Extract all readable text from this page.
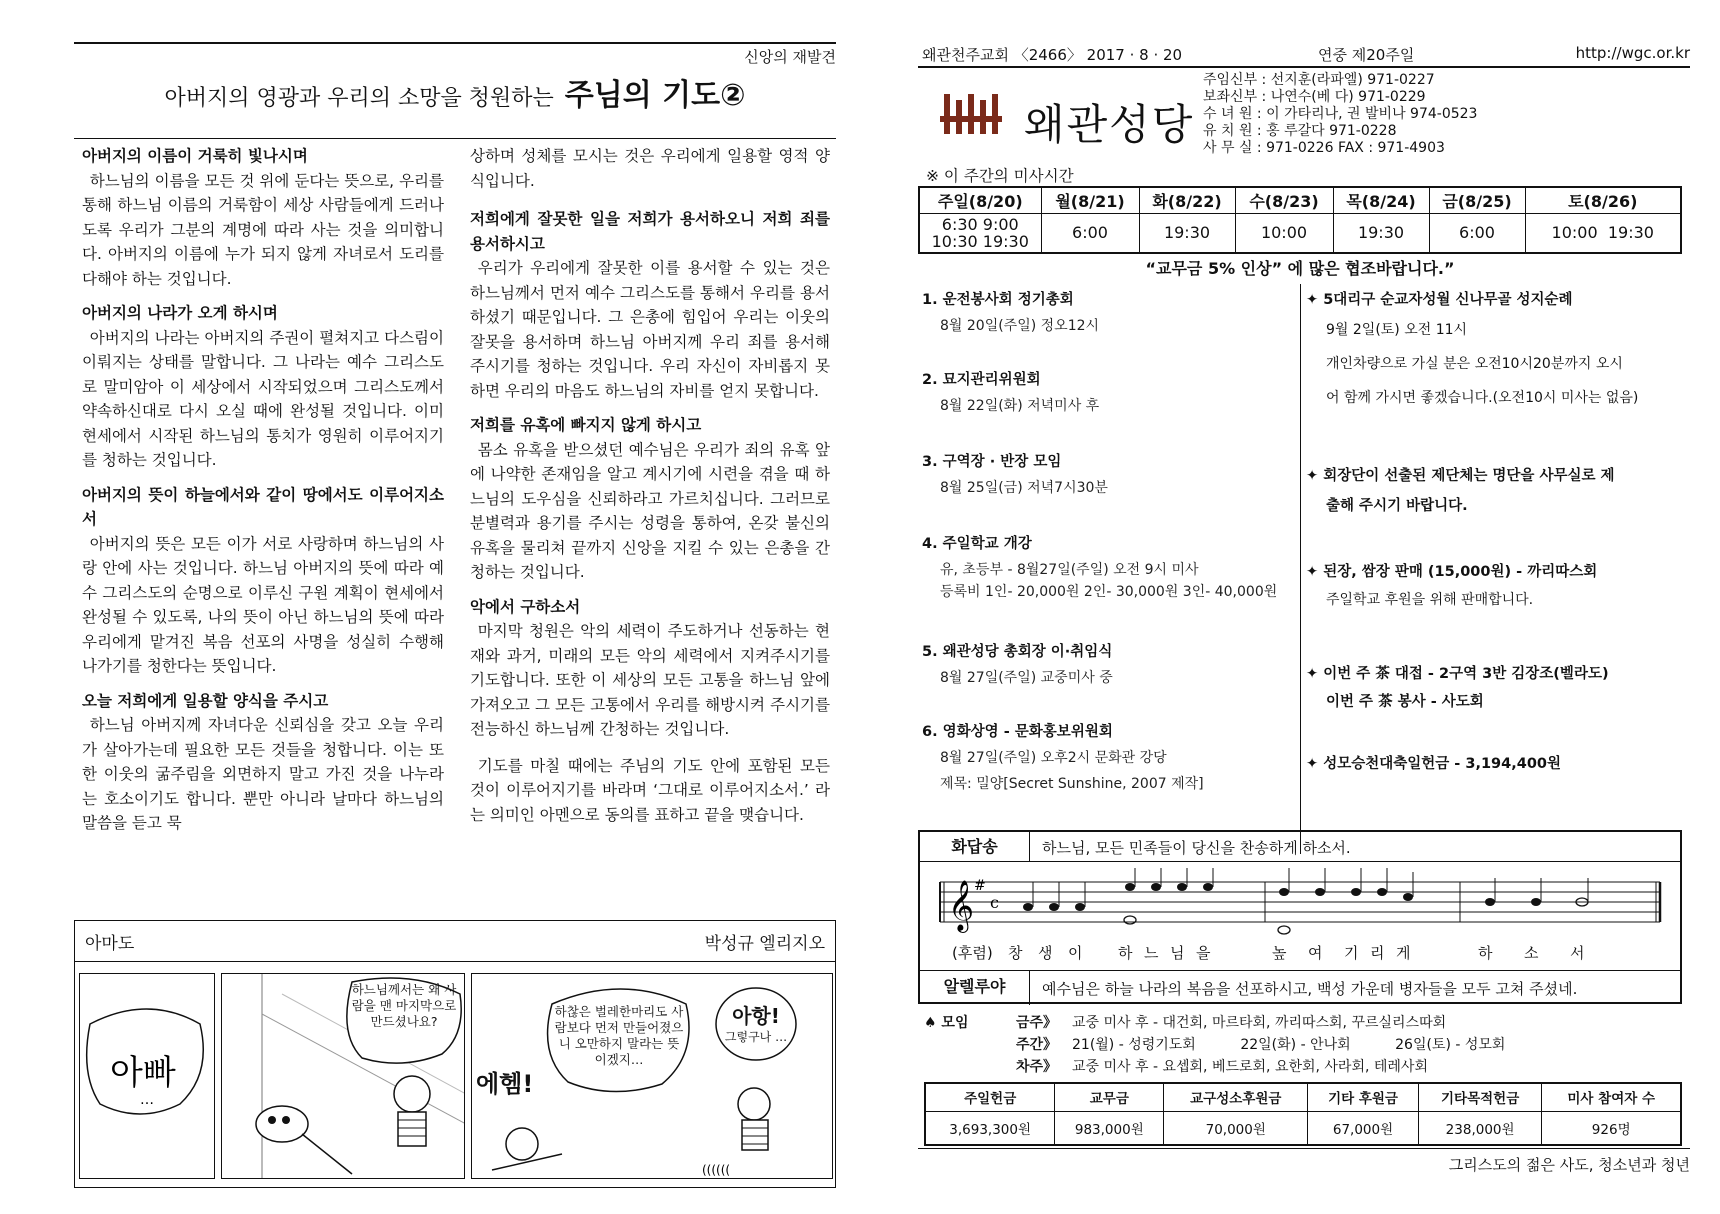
신앙의 재발견
아버지의 영광과 우리의 소망을 청원하는 주님의 기도②
아버지의 이름이 거룩히 빛나시며

하느님의 이름을 모든 것 위에 둔다는 뜻으로, 우리를 통해 하느님 이름의 거룩함이 세상 사람들에게 드러나도록 우리가 그분의 계명에 따라 사는 것을 의미합니다. 아버지의 이름에 누가 되지 않게 자녀로서 도리를 다해야 하는 것입니다.

아버지의 나라가 오게 하시며

아버지의 나라는 아버지의 주권이 펼쳐지고 다스림이 이뤄지는 상태를 말합니다. 그 나라는 예수 그리스도로 말미암아 이 세상에서 시작되었으며 그리스도께서 약속하신대로 다시 오실 때에 완성될 것입니다. 이미 현세에서 시작된 하느님의 통치가 영원히 이루어지기를 청하는 것입니다.

아버지의 뜻이 하늘에서와 같이 땅에서도 이루어지소서

아버지의 뜻은 모든 이가 서로 사랑하며 하느님의 사랑 안에 사는 것입니다. 하느님 아버지의 뜻에 따라 예수 그리스도의 순명으로 이루신 구원 계획이 현세에서 완성될 수 있도록, 나의 뜻이 아닌 하느님의 뜻에 따라 우리에게 맡겨진 복음 선포의 사명을 성실히 수행해 나가기를 청한다는 뜻입니다.

오늘 저희에게 일용할 양식을 주시고

하느님 아버지께 자녀다운 신뢰심을 갖고 오늘 우리가 살아가는데 필요한 모든 것들을 청합니다. 이는 또한 이웃의 굶주림을 외면하지 말고 가진 것을 나누라는 호소이기도 합니다. 뿐만 아니라 날마다 하느님의 말씀을 듣고 묵

상하며 성체를 모시는 것은 우리에게 일용할 영적 양식입니다.

저희에게 잘못한 일을 저희가 용서하오니 저희 죄를 용서하시고

우리가 우리에게 잘못한 이를 용서할 수 있는 것은 하느님께서 먼저 예수 그리스도를 통해서 우리를 용서하셨기 때문입니다. 그 은총에 힘입어 우리는 이웃의 잘못을 용서하며 하느님 아버지께 우리 죄를 용서해 주시기를 청하는 것입니다. 우리 자신이 자비롭지 못하면 우리의 마음도 하느님의 자비를 얻지 못합니다.

저희를 유혹에 빠지지 않게 하시고

몸소 유혹을 받으셨던 예수님은 우리가 죄의 유혹 앞에 나약한 존재임을 알고 계시기에 시련을 겪을 때 하느님의 도우심을 신뢰하라고 가르치십니다. 그러므로 분별력과 용기를 주시는 성령을 통하여, 온갖 불신의 유혹을 물리쳐 끝까지 신앙을 지킬 수 있는 은총을 간청하는 것입니다.

악에서 구하소서

마지막 청원은 악의 세력이 주도하거나 선동하는 현재와 과거, 미래의 모든 악의 세력에서 지켜주시기를 기도합니다. 또한 이 세상의 모든 고통을 하느님 앞에 가져오고 그 모든 고통에서 우리를 해방시켜 주시기를 전능하신 하느님께 간청하는 것입니다.

기도를 마칠 때에는 주님의 기도 안에 포함된 모든 것이 이루어지기를 바라며 ‘그대로 이루어지소서.’ 라는 의미인 아멘으로 동의를 표하고 끝을 맺습니다.

아마도	박성규 엘리지오
아빠
…
하느님께서는 왜 사람을 맨 마지막으로 만드셨나요?
((((((
에헴!
하찮은 벌레한마리도 사람보다 먼저 만들어졌으니 오만하지 말라는 뜻이겠지…
아항!
그렇구나 …
왜관천주교회 〈2466〉 2017 · 8 · 20	연중 제20주일	http://wgc.or.kr
왜관성당
주임신부 : 선지훈(라파엘) 971-0227
보좌신부 : 나연수(베 다) 971-0229
수 녀 원 : 이 가타리나, 권 발비나 974-0523
유 치 원 : 홍 루갈다 971-0228
사 무 실 : 971-0226 FAX : 971-4903
※ 이 주간의 미사시간
주일(8/20)	월(8/21)	화(8/22)	수(8/23)	목(8/24)	금(8/25)	토(8/26)
6:30 9:00
10:30 19:30	6:00	19:30	10:00	19:30	6:00	10:00  19:30
“교무금 5% 인상” 에 많은 협조바랍니다.”
1. 운전봉사회 정기총회
8월 20일(주일) 정오12시
2. 묘지관리위원회
8월 22일(화) 저녁미사 후
3. 구역장 · 반장 모임
8월 25일(금) 저녁7시30분
4. 주일학교 개강
유, 초등부 - 8월27일(주일) 오전 9시 미사
등록비 1인- 20,000원 2인- 30,000원 3인- 40,000원
5. 왜관성당 총회장 이·취임식
8월 27일(주일) 교중미사 중
6. 영화상영 - 문화홍보위원회
8월 27일(주일) 오후2시 문화관 강당
제목: 밀양[Secret Sunshine, 2007 제작]
✦ 5대리구 순교자성월 신나무골 성지순례
9월 2일(토) 오전 11시
개인차량으로 가실 분은 오전10시20분까지 오시
어 함께 가시면 좋겠습니다.(오전10시 미사는 없음)
✦ 회장단이 선출된 제단체는 명단을 사무실로 제
출해 주시기 바랍니다.
✦ 된장, 쌈장 판매 (15,000원) - 까리따스회
주일학교 후원을 위해 판매합니다.
✦ 이번 주 茶 대접 - 2구역 3반 김장조(벨라도)
이번 주 茶 봉사 - 사도회
✦ 성모승천대축일헌금 - 3,194,400원
화답송	하느님, 모든 민족들이 당신을 찬송하게 하소서.
𝄞 #
c
(후렴) 창 생 이 하 느 님 을	높 여 기 리 게	하 소 서
알렐루야	예수님은 하늘 나라의 복음을 선포하시고, 백성 가운데 병자들을 모두 고쳐 주셨네.
♠ 모임	금주》 교중 미사 후 - 대건회, 마르타회, 까리따스회, 꾸르실리스따회
주간》 21(월) - 성령기도회          22일(화) - 안나회          26일(토) - 성모회
차주》 교중 미사 후 - 요셉회, 베드로회, 요한회, 사라회, 테레사회
주일헌금	교무금	교구성소후원금	기타 후원금	기타목적헌금	미사 참여자 수
3,693,300원	983,000원	70,000원	67,000원	238,000원	926명
그리스도의 젊은 사도, 청소년과 청년
